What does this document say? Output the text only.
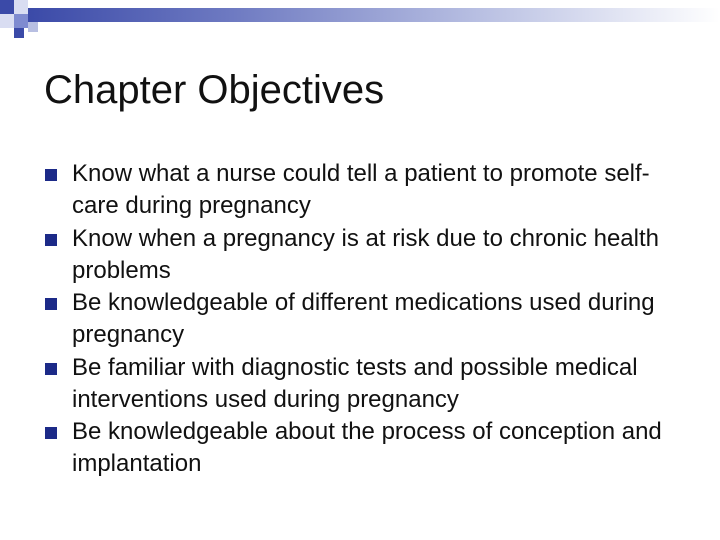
Chapter Objectives
Know what a nurse could tell a patient to promote self-care during pregnancy
Know when a pregnancy is at risk due to chronic health problems
Be knowledgeable of different medications used during pregnancy
Be familiar with diagnostic tests and possible medical interventions used during pregnancy
Be knowledgeable about the process of conception and implantation
